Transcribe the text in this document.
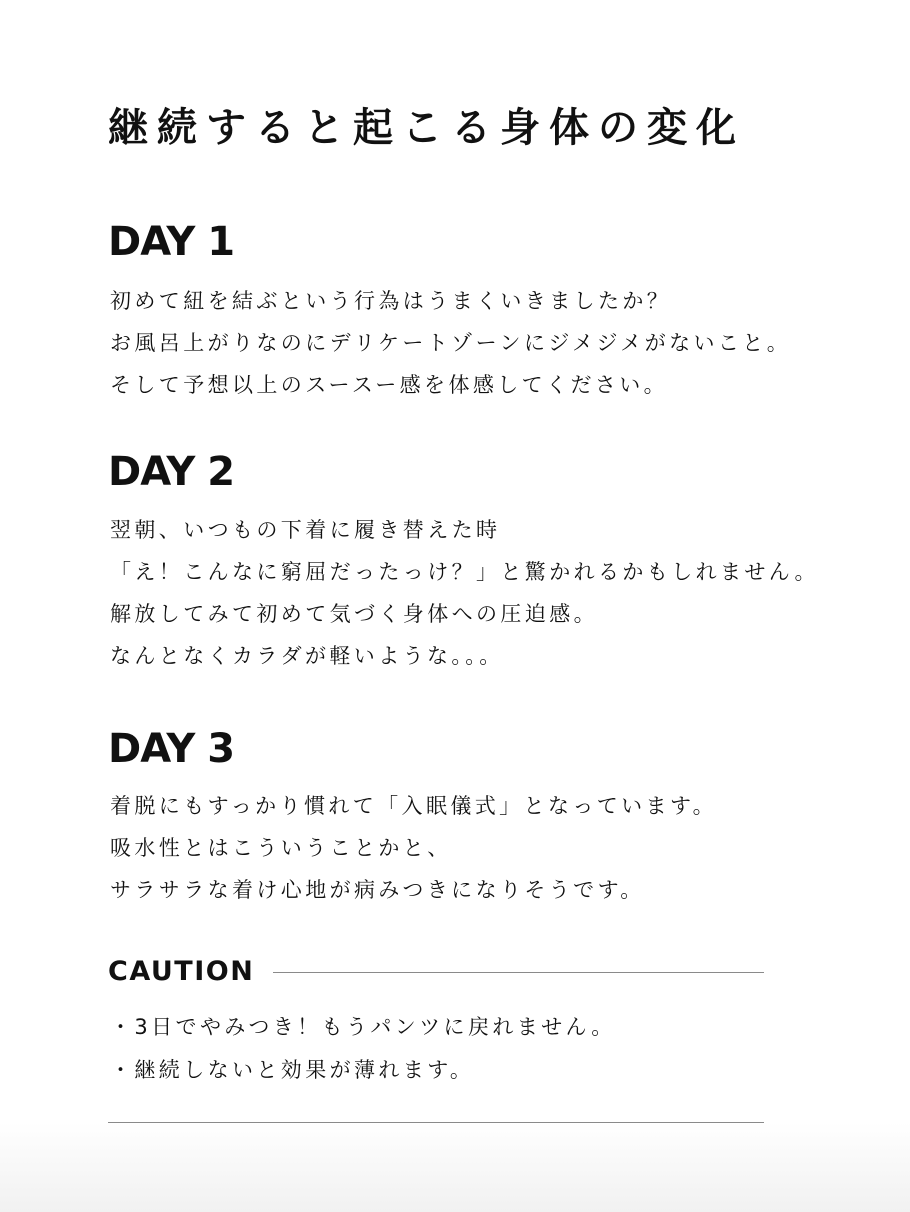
継続すると起こる身体の変化
DAY 1
初めて紐を結ぶという行為はうまくいきましたか？
お風呂上がりなのにデリケートゾーンにジメジメがないこと。
そして予想以上のスースー感を体感してください。
DAY 2
翌朝、いつもの下着に履き替えた時
「え！こんなに窮屈だったっけ？」と驚かれるかもしれません。
解放してみて初めて気づく身体への圧迫感。
なんとなくカラダが軽いような。。。
DAY 3
着脱にもすっかり慣れて「入眠儀式」となっています。
吸水性とはこういうことかと、
サラサラな着け心地が病みつきになりそうです。
CAUTION
・3日でやみつき！もうパンツに戻れません。
・継続しないと効果が薄れます。
